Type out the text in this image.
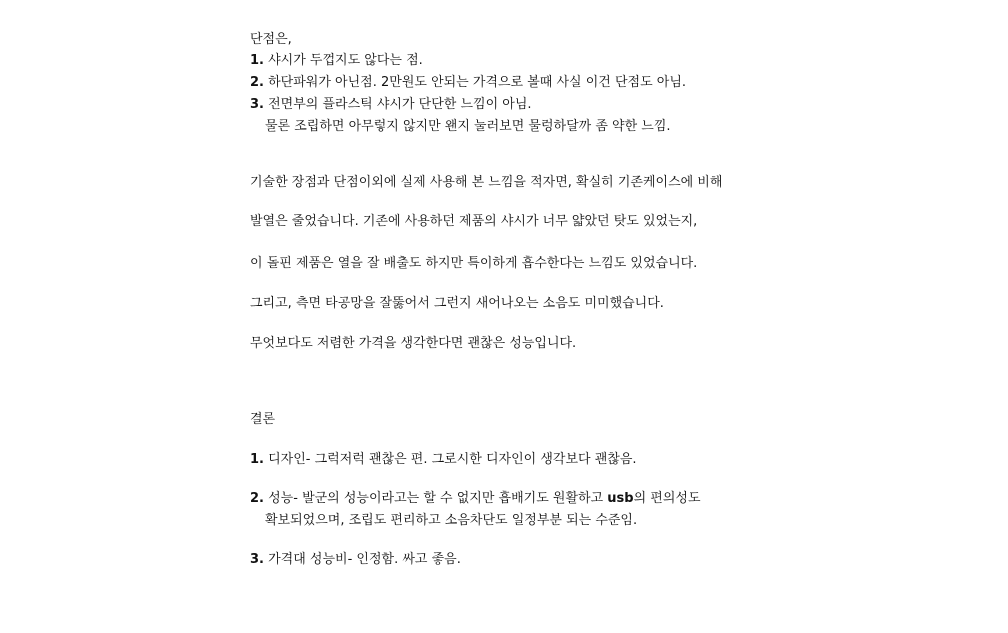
단점은,
1. 샤시가 두껍지도 않다는 점.
2. 하단파워가 아닌점. 2만원도 안되는 가격으로 볼때 사실 이건 단점도 아님.
3. 전면부의 플라스틱 샤시가 단단한 느낌이 아님.
물론 조립하면 아무렇지 않지만 왠지 눌러보면 물렁하달까 좀 약한 느낌.
기술한 장점과 단점이외에 실제 사용해 본 느낌을 적자면, 확실히 기존케이스에 비해
발열은 줄었습니다. 기존에 사용하던 제품의 샤시가 너무 얇았던 탓도 있었는지,
이 돌핀 제품은 열을 잘 배출도 하지만 특이하게 흡수한다는 느낌도 있었습니다.
그리고, 측면 타공망을 잘뚫어서 그런지 새어나오는 소음도 미미했습니다.
무엇보다도 저렴한 가격을 생각한다면 괜찮은 성능입니다.
결론
1. 디자인- 그럭저럭 괜찮은 편. 그로시한 디자인이 생각보다 괜찮음.
2. 성능- 발군의 성능이라고는 할 수 없지만 흡배기도 원활하고 usb의 편의성도
확보되었으며, 조립도 편리하고 소음차단도 일정부분 되는 수준임.
3. 가격대 성능비- 인정함. 싸고 좋음.
